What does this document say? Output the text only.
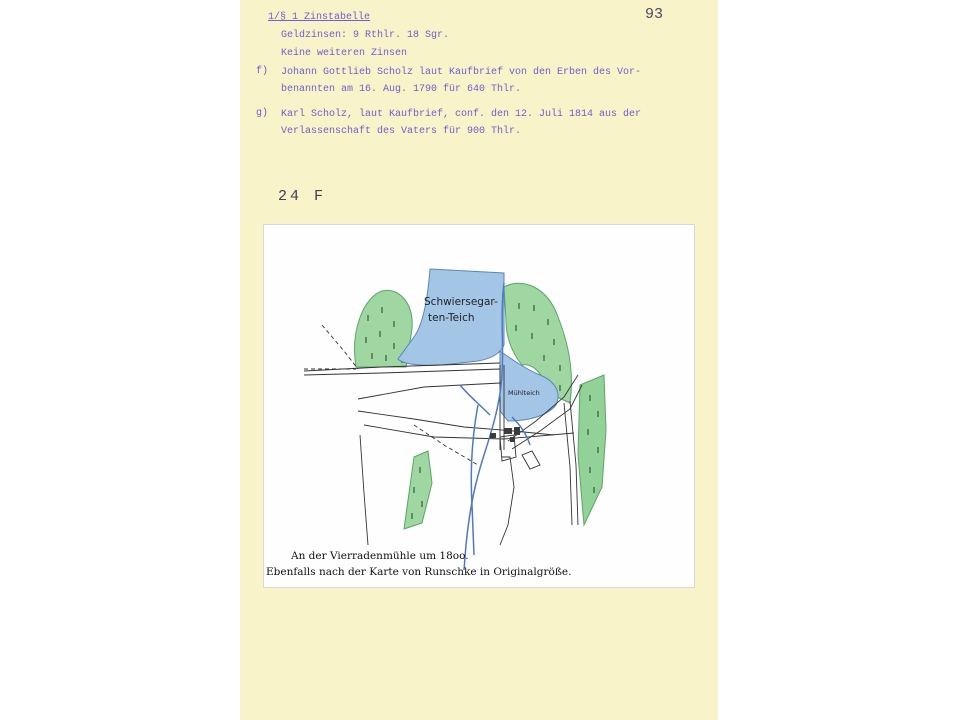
93
1/§ 1 Zinstabelle
Geldzinsen: 9 Rthlr. 18 Sgr.
Keine weiteren Zinsen
f) Johann Gottlieb Scholz laut Kaufbrief von den Erben des Vor-
benannten am 16. Aug. 1790 für 640 Thlr.
g) Karl Scholz, laut Kaufbrief, conf. den 12. Juli 1814 aus der
Verlassenschaft des Vaters für 900 Thlr.
24 F
Schwiersegar-
ten-Teich
Mühlteich
An der Vierradenmühle um 18oo.
Ebenfalls nach der Karte von Runschke in Originalgröße.
